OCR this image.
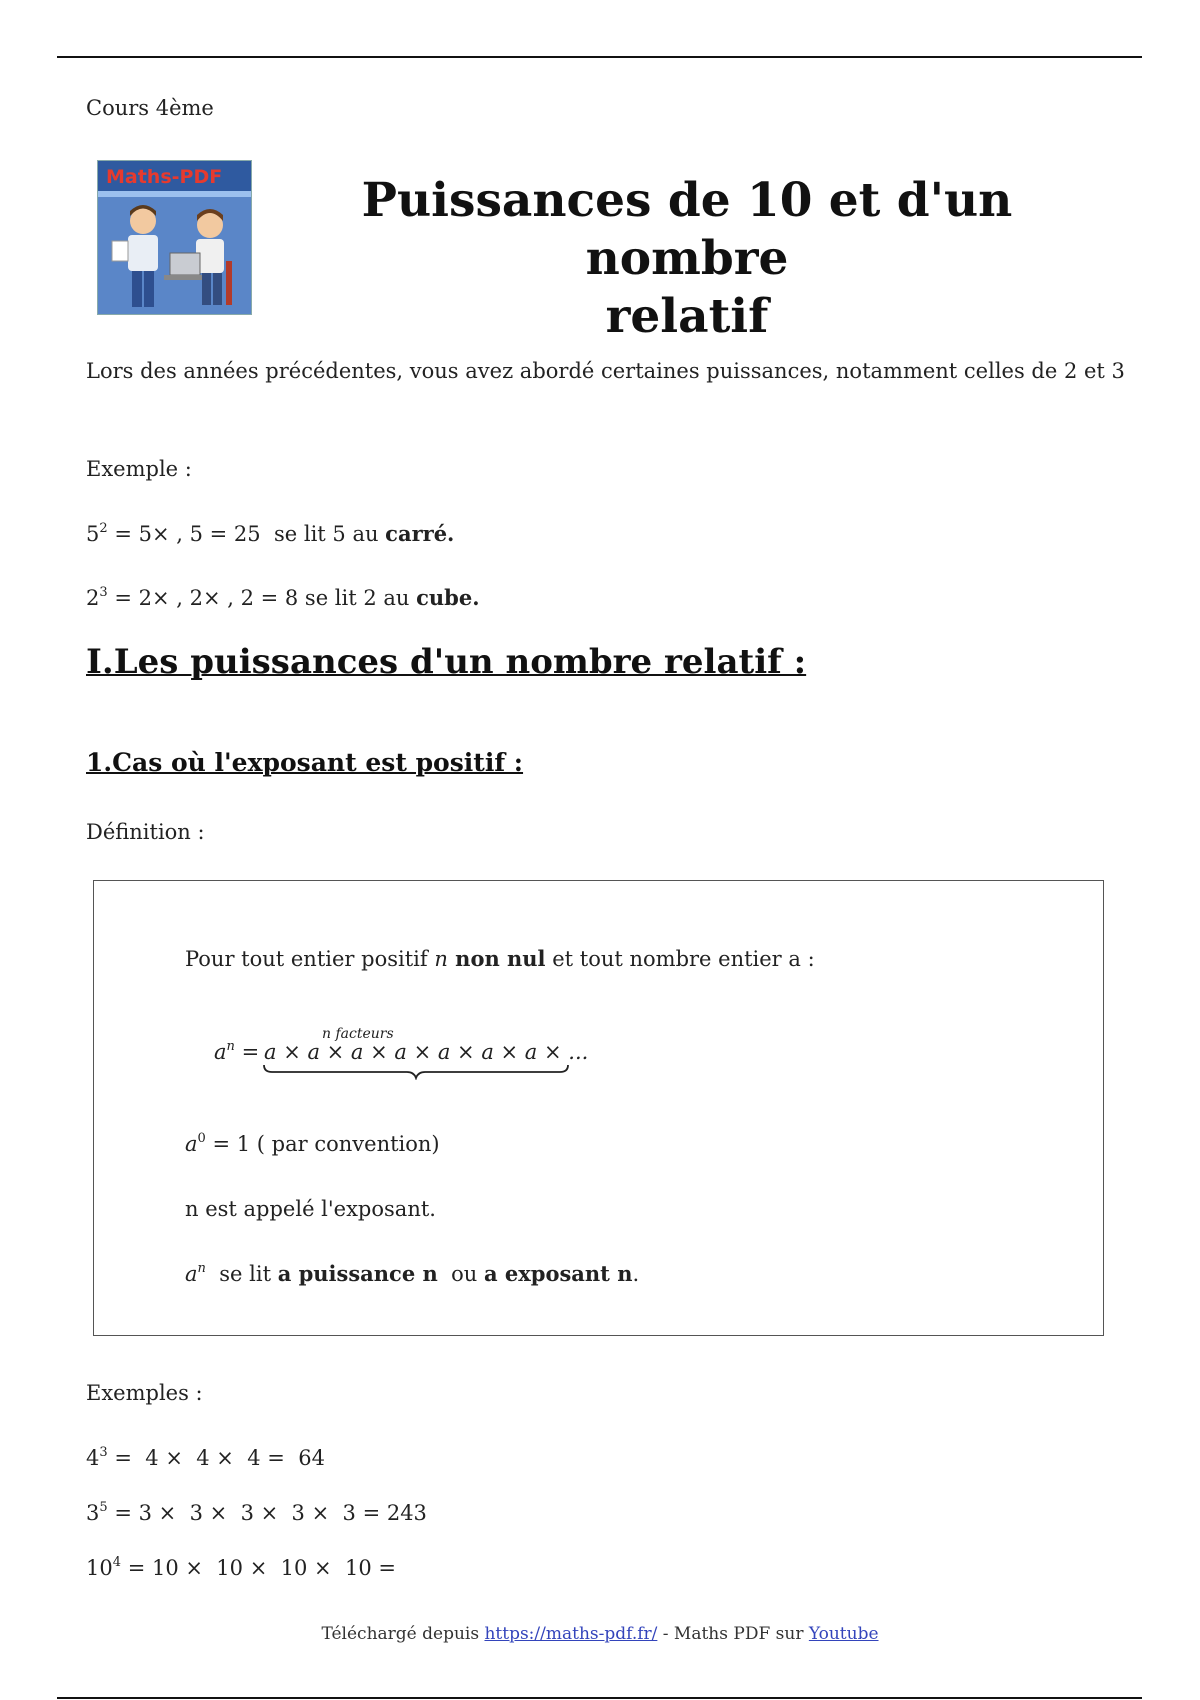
Cours 4ème
Maths-PDF	Puissances de 10 et d'un nombre
relatif
Lors des années précédentes, vous avez abordé certaines puissances, notamment celles de 2 et 3
Exemple :
$5^2 = 5\times$ , 5 = 25  se lit 5 au carré.
$2^3 = 2\times$ , 2× , 2 = 8 se lit 2 au cube.
I.Les puissances d'un nombre relatif :
1.Cas où l'exposant est positif :
Définition :
Pour tout entier positif n non nul et tout nombre entier a :
n facteurs
$a^n = a \times a \times a \times a \times a \times a \times a$ × ...
$a^0 = 1$ ( par convention)
n est appelé l'exposant.
$a^n$  se lit a puissance n  ou a exposant n.
Exemples :
$4^3 = 4 \times 4 \times 4 = 64$
$3^5 = 3 \times 3 \times 3 \times 3 \times 3 = 243$
$10^4 = 10 \times 10 \times 10 \times 10$ =
Téléchargé depuis https://maths-pdf.fr/ - Maths PDF sur Youtube
